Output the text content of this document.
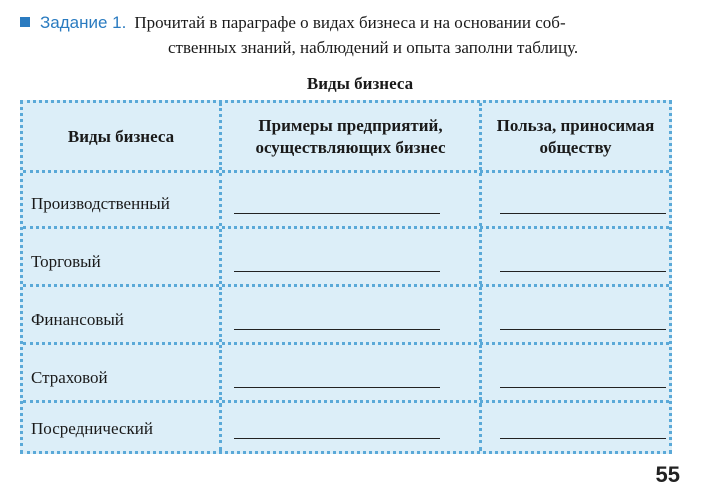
Задание 1. Прочитай в параграфе о видах бизнеса и на основании соб-
ственных знаний, наблюдений и опыта заполни таблицу.
Виды бизнеса
Виды бизнеса
Примеры предприятий, осуществляющих бизнес
Польза, приносимая обществу
Производственный
Торговый
Финансовый
Страховой
Посреднический
55
